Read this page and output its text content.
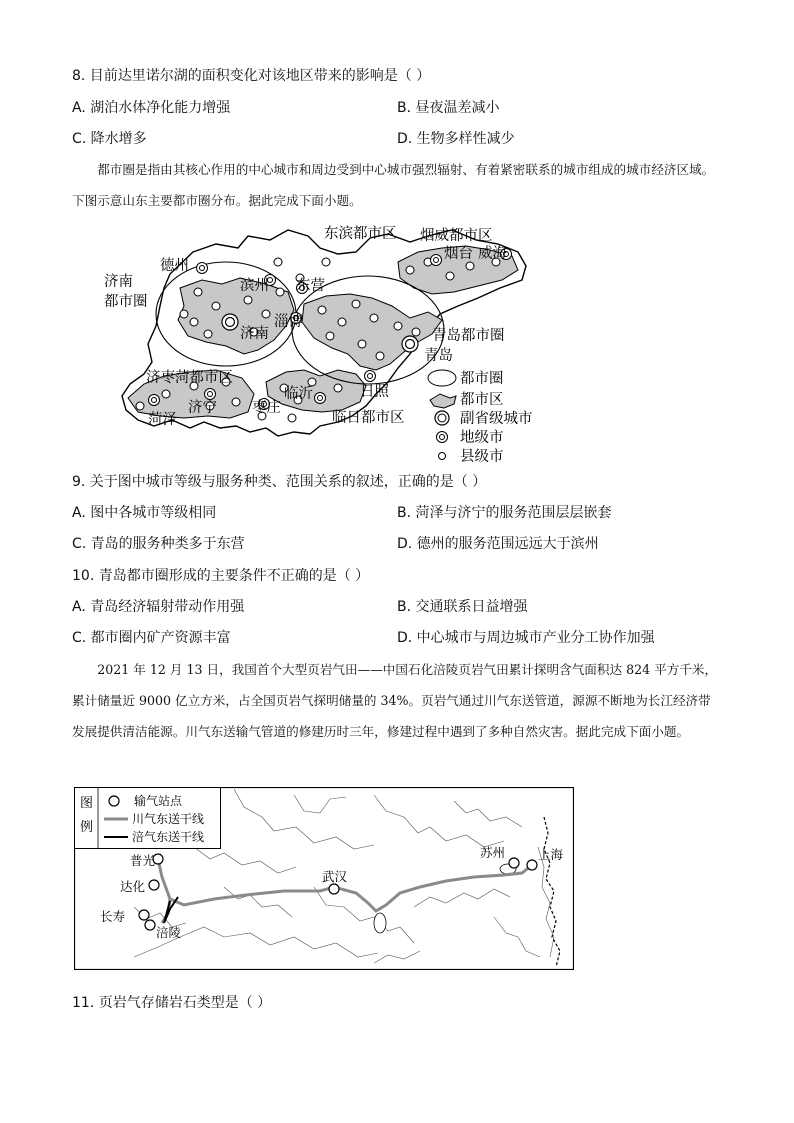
8. 目前达里诺尔湖的面积变化对该地区带来的影响是（ ）
A. 湖泊水体净化能力增强	B. 昼夜温差减小
C. 降水增多	D. 生物多样性减少

都市圈是指由其核心作用的中心城市和周边受到中心城市强烈辐射、有着紧密联系的城市组成的城市经济区域。下图示意山东主要都市圈分布。据此完成下面小题。

东滨都市区 烟威都市区
烟台 威海
德州
济南
都市圈
滨州 东营
淄博
济南	青岛都市圈
青岛
济枣菏都市区
日照
临沂
菏泽
济宁 枣庄
临日都市区
都市圈
都市区
副省级城市
地级市
县级市
9. 关于图中城市等级与服务种类、范围关系的叙述，正确的是（ ）
A. 图中各城市等级相同	B. 菏泽与济宁的服务范围层层嵌套
C. 青岛的服务种类多于东营	D. 德州的服务范围远远大于滨州
10. 青岛都市圈形成的主要条件不正确的是（ ）
A. 青岛经济辐射带动作用强	B. 交通联系日益增强
C. 都市圈内矿产资源丰富	D. 中心城市与周边城市产业分工协作加强

2021 年 12 月 13 日，我国首个大型页岩气田——中国石化涪陵页岩气田累计探明含气面积达 824 平方千米，累计储量近 9000 亿立方米，占全国页岩气探明储量的 34%。页岩气通过川气东送管道，源源不断地为长江经济带发展提供清洁能源。川气东送输气管道的修建历时三年，修建过程中遇到了多种自然灾害。据此完成下面小题。

普光
达化
长寿
涪陵
武汉
苏州	上海
图
例
输气站点
川气东送干线
涪气东送干线
11. 页岩气存储岩石类型是（ ）
